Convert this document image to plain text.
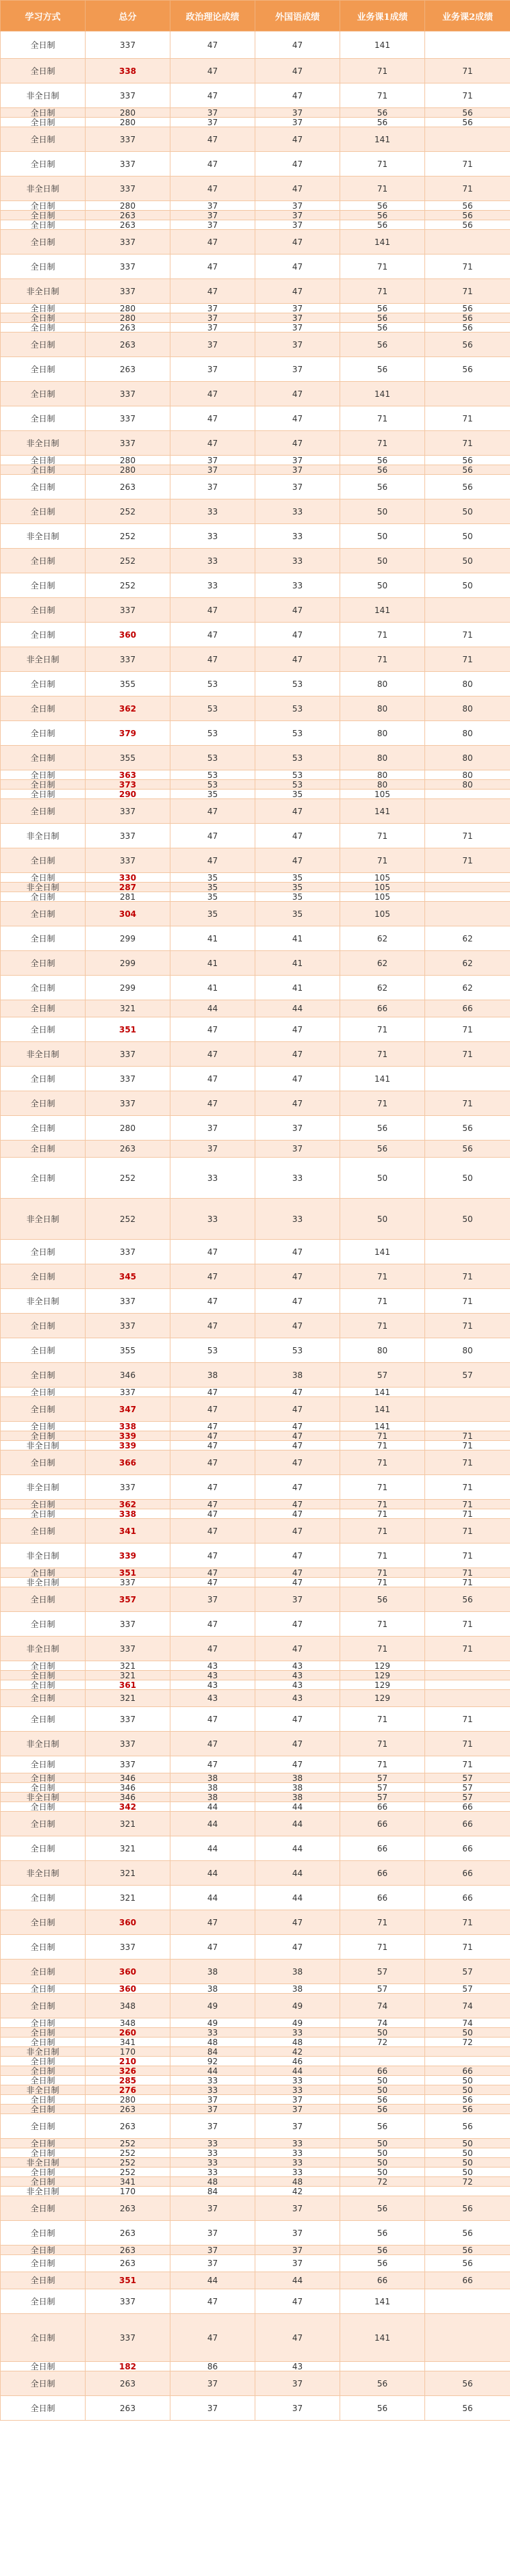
学习方式	总分	政治理论成绩	外国语成绩	业务课1成绩	业务课2成绩
全日制	337	47	47	141	
全日制	338	47	47	71	71
非全日制	337	47	47	71	71
全日制	280	37	37	56	56
全日制	280	37	37	56	56
全日制	337	47	47	141	
全日制	337	47	47	71	71
非全日制	337	47	47	71	71
全日制	280	37	37	56	56
全日制	263	37	37	56	56
全日制	263	37	37	56	56
全日制	337	47	47	141	
全日制	337	47	47	71	71
非全日制	337	47	47	71	71
全日制	280	37	37	56	56
全日制	280	37	37	56	56
全日制	263	37	37	56	56
全日制	263	37	37	56	56
全日制	263	37	37	56	56
全日制	337	47	47	141	
全日制	337	47	47	71	71
非全日制	337	47	47	71	71
全日制	280	37	37	56	56
全日制	280	37	37	56	56
全日制	263	37	37	56	56
全日制	252	33	33	50	50
非全日制	252	33	33	50	50
全日制	252	33	33	50	50
全日制	252	33	33	50	50
全日制	337	47	47	141	
全日制	360	47	47	71	71
非全日制	337	47	47	71	71
全日制	355	53	53	80	80
全日制	362	53	53	80	80
全日制	379	53	53	80	80
全日制	355	53	53	80	80
全日制	363	53	53	80	80
全日制	373	53	53	80	80
全日制	290	35	35	105	
全日制	337	47	47	141	
非全日制	337	47	47	71	71
全日制	337	47	47	71	71
全日制	330	35	35	105	
非全日制	287	35	35	105	
全日制	281	35	35	105	
全日制	304	35	35	105	
全日制	299	41	41	62	62
全日制	299	41	41	62	62
全日制	299	41	41	62	62
全日制	321	44	44	66	66
全日制	351	47	47	71	71
非全日制	337	47	47	71	71
全日制	337	47	47	141	
全日制	337	47	47	71	71
全日制	280	37	37	56	56
全日制	263	37	37	56	56
全日制	252	33	33	50	50
非全日制	252	33	33	50	50
全日制	337	47	47	141	
全日制	345	47	47	71	71
非全日制	337	47	47	71	71
全日制	337	47	47	71	71
全日制	355	53	53	80	80
全日制	346	38	38	57	57
全日制	337	47	47	141	
全日制	347	47	47	141	
全日制	338	47	47	141	
全日制	339	47	47	71	71
非全日制	339	47	47	71	71
全日制	366	47	47	71	71
非全日制	337	47	47	71	71
全日制	362	47	47	71	71
全日制	338	47	47	71	71
全日制	341	47	47	71	71
非全日制	339	47	47	71	71
全日制	351	47	47	71	71
非全日制	337	47	47	71	71
全日制	357	37	37	56	56
全日制	337	47	47	71	71
非全日制	337	47	47	71	71
全日制	321	43	43	129	
全日制	321	43	43	129	
全日制	361	43	43	129	
全日制	321	43	43	129	
全日制	337	47	47	71	71
非全日制	337	47	47	71	71
全日制	337	47	47	71	71
全日制	346	38	38	57	57
全日制	346	38	38	57	57
非全日制	346	38	38	57	57
全日制	342	44	44	66	66
全日制	321	44	44	66	66
全日制	321	44	44	66	66
非全日制	321	44	44	66	66
全日制	321	44	44	66	66
全日制	360	47	47	71	71
全日制	337	47	47	71	71
全日制	360	38	38	57	57
全日制	360	38	38	57	57
全日制	348	49	49	74	74
全日制	348	49	49	74	74
全日制	260	33	33	50	50
全日制	341	48	48	72	72
非全日制	170	84	42		
全日制	210	92	46		
全日制	326	44	44	66	66
全日制	285	33	33	50	50
非全日制	276	33	33	50	50
全日制	280	37	37	56	56
全日制	263	37	37	56	56
全日制	263	37	37	56	56
全日制	252	33	33	50	50
全日制	252	33	33	50	50
非全日制	252	33	33	50	50
全日制	252	33	33	50	50
全日制	341	48	48	72	72
非全日制	170	84	42		
全日制	263	37	37	56	56
全日制	263	37	37	56	56
全日制	263	37	37	56	56
全日制	263	37	37	56	56
全日制	351	44	44	66	66
全日制	337	47	47	141	
全日制	337	47	47	141	
全日制	182	86	43		
全日制	263	37	37	56	56
全日制	263	37	37	56	56
